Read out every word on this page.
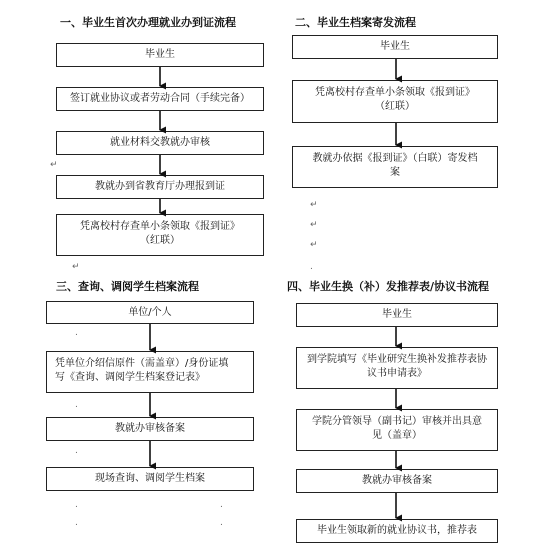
一、毕业生首次办理就业办到证流程	二、毕业生档案寄发流程
三、查询、调阅学生档案流程	四、毕业生换（补）发推荐表/协议书流程
毕业生
签订就业协议或者劳动合同（手续完备）
就业材料交教就办审核
教就办到省教育厅办理报到证
凭离校村存查单小条领取《报到证》
（红联）
毕业生
凭离校村存查单小条领取《报到证》
（红联）
教就办依据《报到证》（白联）寄发档
案
单位/个人
凭单位介绍信原件（需盖章）/身份证填
写《查询、调阅学生档案登记表》
教就办审核备案
现场查询、调阅学生档案
毕业生
到学院填写《毕业研究生换补发推荐表协
议书申请表》
学院分管领导（副书记）审核并出具意
见（盖章）
教就办审核备案
毕业生领取新的就业协议书，推荐表
↵
↵
↵
↵
↵
.
.
.
.
.
.
.
.
